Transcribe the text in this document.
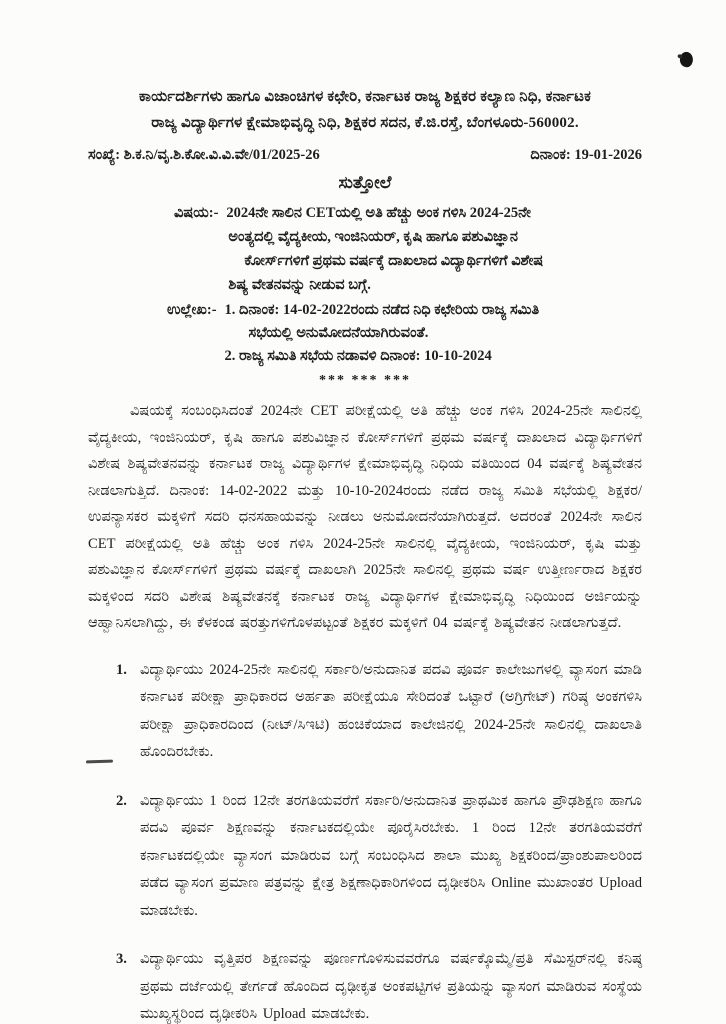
ಕಾರ್ಯದರ್ಶಿಗಳು ಹಾಗೂ ವಿಜಾಂಚಿಗಳ ಕಛೇರಿ, ಕರ್ನಾಟಕ ರಾಜ್ಯ ಶಿಕ್ಷಕರ ಕಲ್ಯಾಣ ನಿಧಿ, ಕರ್ನಾಟಕ
ರಾಜ್ಯ ವಿದ್ಯಾರ್ಥಿಗಳ ಕ್ಷೇಮಾಭಿವೃದ್ಧಿ ನಿಧಿ, ಶಿಕ್ಷಕರ ಸದನ, ಕೆ.ಜಿ.ರಸ್ತೆ, ಬೆಂಗಳೂರು-560002.
ಸಂಖ್ಯೆ: ಶಿ.ಕ.ನಿ/ವೃ.ಶಿ.ಕೋ.ವಿ.ವಿ.ವೇ/01/2025-26	ದಿನಾಂಕ: 19-01-2026
ಸುತ್ತೋಲೆ
ವಿಷಯ:- 2024ನೇ ಸಾಲಿನ CETಯಲ್ಲಿ ಅತಿ ಹೆಚ್ಚು ಅಂಕ ಗಳಿಸಿ 2024-25ನೇ
ಅಂತ್ಯದಲ್ಲಿ ವೈದ್ಯಕೀಯ, ಇಂಜಿನಿಯರ್, ಕೃಷಿ ಹಾಗೂ ಪಶುವಿಜ್ಞಾನ
ಕೋರ್ಸ್‌ಗಳಿಗೆ ಪ್ರಥಮ ವರ್ಷಕ್ಕೆ ದಾಖಲಾದ ವಿದ್ಯಾರ್ಥಿಗಳಿಗೆ ವಿಶೇಷ
ಶಿಷ್ಯ ವೇತನವನ್ನು ನೀಡುವ ಬಗ್ಗೆ.
ಉಲ್ಲೇಖ:- 1. ದಿನಾಂಕ: 14-02-2022ರಂದು ನಡೆದ ನಿಧಿ ಕಛೇರಿಯ ರಾಜ್ಯ ಸಮಿತಿ
ಸಭೆಯಲ್ಲಿ ಅನುಮೋದನೆಯಾಗಿರುವಂತೆ.
2. ರಾಜ್ಯ ಸಮಿತಿ ಸಭೆಯ ನಡಾವಳಿ ದಿನಾಂಕ: 10-10-2024
*** *** ***
ವಿಷಯಕ್ಕೆ ಸಂಬಂಧಿಸಿದಂತೆ 2024ನೇ CET ಪರೀಕ್ಷೆಯಲ್ಲಿ ಅತಿ ಹೆಚ್ಚು ಅಂಕ ಗಳಿಸಿ 2024-25ನೇ ಸಾಲಿನಲ್ಲಿ ವೈದ್ಯಕೀಯ, ಇಂಜಿನಿಯರ್, ಕೃಷಿ ಹಾಗೂ ಪಶುವಿಜ್ಞಾನ ಕೋರ್ಸ್‌ಗಳಿಗೆ ಪ್ರಥಮ ವರ್ಷಕ್ಕೆ ದಾಖಲಾದ ವಿದ್ಯಾರ್ಥಿಗಳಿಗೆ ವಿಶೇಷ ಶಿಷ್ಯವೇತನವನ್ನು ಕರ್ನಾಟಕ ರಾಜ್ಯ ವಿದ್ಯಾರ್ಥಿಗಳ ಕ್ಷೇಮಾಭಿವೃದ್ಧಿ ನಿಧಿಯ ವತಿಯಿಂದ 04 ವರ್ಷಕ್ಕೆ ಶಿಷ್ಯವೇತನ ನೀಡಲಾಗುತ್ತಿದೆ. ದಿನಾಂಕ: 14-02-2022 ಮತ್ತು 10-10-2024ರಂದು ನಡೆದ ರಾಜ್ಯ ಸಮಿತಿ ಸಭೆಯಲ್ಲಿ ಶಿಕ್ಷಕರ/ಉಪನ್ಯಾಸಕರ ಮಕ್ಕಳಿಗೆ ಸದರಿ ಧನಸಹಾಯವನ್ನು ನೀಡಲು ಅನುಮೋದನೆಯಾಗಿರುತ್ತದೆ. ಅದರಂತೆ 2024ನೇ ಸಾಲಿನ CET ಪರೀಕ್ಷೆಯಲ್ಲಿ ಅತಿ ಹೆಚ್ಚು ಅಂಕ ಗಳಿಸಿ 2024-25ನೇ ಸಾಲಿನಲ್ಲಿ ವೈದ್ಯಕೀಯ, ಇಂಜಿನಿಯರ್, ಕೃಷಿ ಮತ್ತು ಪಶುವಿಜ್ಞಾನ ಕೋರ್ಸ್‌ಗಳಿಗೆ ಪ್ರಥಮ ವರ್ಷಕ್ಕೆ ದಾಖಲಾಗಿ 2025ನೇ ಸಾಲಿನಲ್ಲಿ ಪ್ರಥಮ ವರ್ಷ ಉತ್ತೀರ್ಣರಾದ ಶಿಕ್ಷಕರ ಮಕ್ಕಳಿಂದ ಸದರಿ ವಿಶೇಷ ಶಿಷ್ಯವೇತನಕ್ಕೆ ಕರ್ನಾಟಕ ರಾಜ್ಯ ವಿದ್ಯಾರ್ಥಿಗಳ ಕ್ಷೇಮಾಭಿವೃದ್ಧಿ ನಿಧಿಯಿಂದ ಅರ್ಜಿಯನ್ನು ಆಹ್ವಾನಿಸಲಾಗಿದ್ದು, ಈ ಕೆಳಕಂಡ ಷರತ್ತುಗಳಿಗೊಳಪಟ್ಟಂತೆ ಶಿಕ್ಷಕರ ಮಕ್ಕಳಿಗೆ 04 ವರ್ಷಕ್ಕೆ ಶಿಷ್ಯವೇತನ ನೀಡಲಾಗುತ್ತದೆ.
1. ವಿದ್ಯಾರ್ಥಿಯು 2024-25ನೇ ಸಾಲಿನಲ್ಲಿ ಸರ್ಕಾರಿ/ಅನುದಾನಿತ ಪದವಿ ಪೂರ್ವ ಕಾಲೇಜುಗಳಲ್ಲಿ ವ್ಯಾಸಂಗ ಮಾಡಿ ಕರ್ನಾಟಕ ಪರೀಕ್ಷಾ ಪ್ರಾಧಿಕಾರದ ಅರ್ಹತಾ ಪರೀಕ್ಷೆಯೂ ಸೇರಿದಂತೆ ಒಟ್ಟಾರೆ (ಅಗ್ರಿಗೇಟ್) ಗರಿಷ್ಠ ಅಂಕಗಳಿಸಿ ಪರೀಕ್ಷಾ ಪ್ರಾಧಿಕಾರದಿಂದ (ನೀಟ್/ಸಿಇಟಿ) ಹಂಚಿಕೆಯಾದ ಕಾಲೇಜಿನಲ್ಲಿ 2024-25ನೇ ಸಾಲಿನಲ್ಲಿ ದಾಖಲಾತಿ ಹೊಂದಿರಬೇಕು.
2. ವಿದ್ಯಾರ್ಥಿಯು 1 ರಿಂದ 12ನೇ ತರಗತಿಯವರೆಗೆ ಸರ್ಕಾರಿ/ಅನುದಾನಿತ ಪ್ರಾಥಮಿಕ ಹಾಗೂ ಪ್ರೌಢಶಿಕ್ಷಣ ಹಾಗೂ ಪದವಿ ಪೂರ್ವ ಶಿಕ್ಷಣವನ್ನು ಕರ್ನಾಟಕದಲ್ಲಿಯೇ ಪೂರೈಸಿರಬೇಕು. 1 ರಿಂದ 12ನೇ ತರಗತಿಯವರೆಗೆ ಕರ್ನಾಟಕದಲ್ಲಿಯೇ ವ್ಯಾಸಂಗ ಮಾಡಿರುವ ಬಗ್ಗೆ ಸಂಬಂಧಿಸಿದ ಶಾಲಾ ಮುಖ್ಯ ಶಿಕ್ಷಕರಿಂದ/ಪ್ರಾಂಶುಪಾಲರಿಂದ ಪಡೆದ ವ್ಯಾಸಂಗ ಪ್ರಮಾಣ ಪತ್ರವನ್ನು ಕ್ಷೇತ್ರ ಶಿಕ್ಷಣಾಧಿಕಾರಿಗಳಿಂದ ದೃಢೀಕರಿಸಿ Online ಮುಖಾಂತರ Upload ಮಾಡಬೇಕು.
3. ವಿದ್ಯಾರ್ಥಿಯು ವೃತ್ತಿಪರ ಶಿಕ್ಷಣವನ್ನು ಪೂರ್ಣಗೊಳಿಸುವವರೆಗೂ ವರ್ಷಕ್ಕೊಮ್ಮೆ/ಪ್ರತಿ ಸೆಮಿಸ್ಟರ್‌ನಲ್ಲಿ ಕನಿಷ್ಠ ಪ್ರಥಮ ದರ್ಜೆಯಲ್ಲಿ ತೇರ್ಗಡೆ ಹೊಂದಿದ ದೃಢೀಕೃತ ಅಂಕಪಟ್ಟಿಗಳ ಪ್ರತಿಯನ್ನು ವ್ಯಾಸಂಗ ಮಾಡಿರುವ ಸಂಸ್ಥೆಯ ಮುಖ್ಯಸ್ಥರಿಂದ ದೃಢೀಕರಿಸಿ Upload ಮಾಡಬೇಕು.
